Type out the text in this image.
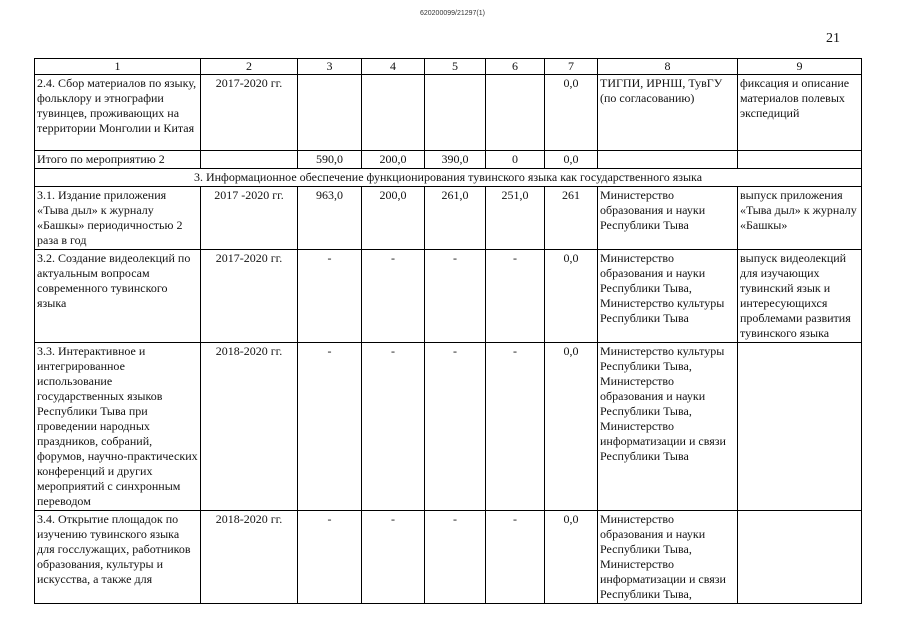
620200099/21297(1)
21
1	2	3	4	5	6	7	8	9
2.4. Сбор материалов по языку, фольклору и этнографии тувинцев, проживающих на территории Монголии и Китая	2017-2020 гг.					0,0	ТИГПИ, ИРНШ, ТувГУ (по согласованию)	фиксация и описание материалов полевых экспедиций
Итого по мероприятию 2		590,0	200,0	390,0	0	0,0		
3. Информационное обеспечение функционирования тувинского языка как государственного языка								
3.1. Издание приложения «Тыва дыл» к журналу «Башкы» периодичностью 2 раза в год	2017 -2020 гг.	963,0	200,0	261,0	251,0	261	Министерство образования и науки Республики Тыва	выпуск приложения «Тыва дыл» к журналу «Башкы»
3.2. Создание видеолекций по актуальным вопросам современного тувинского языка	2017-2020 гг.	-	-	-	-	0,0	Министерство образования и науки Республики Тыва, Министерство культуры Республики Тыва	выпуск видеолекций для изучающих тувинский язык и интересующихся проблемами развития тувинского языка
3.3. Интерактивное и интегрированное использование государственных языков Республики Тыва при проведении народных праздников, собраний, форумов, научно-практических конференций и других мероприятий с синхронным переводом	2018-2020 гг.	-	-	-	-	0,0	Министерство культуры Республики Тыва, Министерство образования и науки Республики Тыва, Министерство информатизации и связи Республики Тыва	
3.4. Открытие площадок по изучению тувинского языка для госслужащих, работников образования, культуры и искусства, а также для	2018-2020 гг.	-	-	-	-	0,0	Министерство образования и науки Республики Тыва, Министерство информатизации и связи Республики Тыва,	
